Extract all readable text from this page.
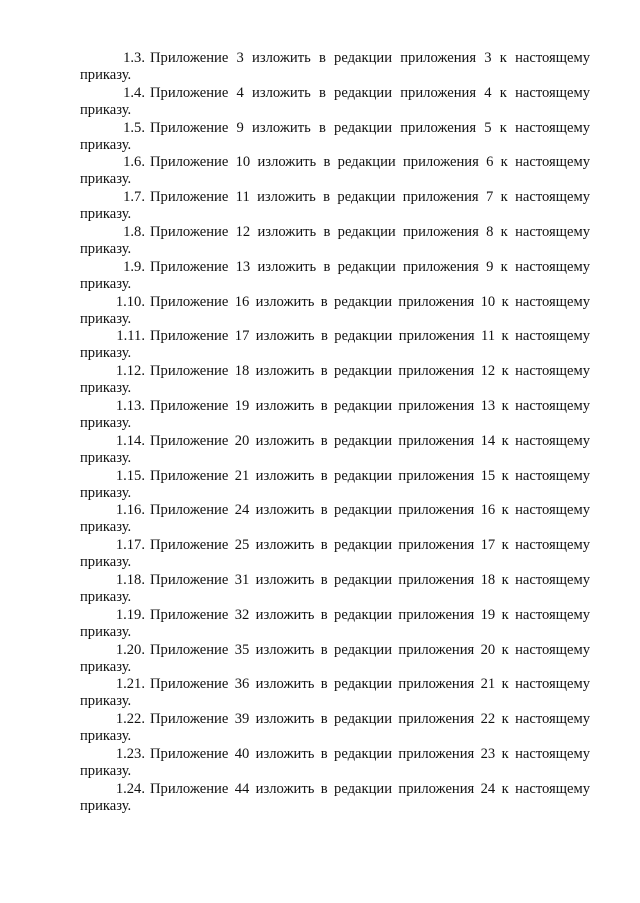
1.3. Приложение 3 изложить в редакции приложения 3 к настоящему
приказу.
1.4. Приложение 4 изложить в редакции приложения 4 к настоящему
приказу.
1.5. Приложение 9 изложить в редакции приложения 5 к настоящему
приказу.
1.6. Приложение 10 изложить в редакции приложения 6 к настоящему
приказу.
1.7. Приложение 11 изложить в редакции приложения 7 к настоящему
приказу.
1.8. Приложение 12 изложить в редакции приложения 8 к настоящему
приказу.
1.9. Приложение 13 изложить в редакции приложения 9 к настоящему
приказу.
1.10. Приложение 16 изложить в редакции приложения 10 к настоящему
приказу.
1.11. Приложение 17 изложить в редакции приложения 11 к настоящему
приказу.
1.12. Приложение 18 изложить в редакции приложения 12 к настоящему
приказу.
1.13. Приложение 19 изложить в редакции приложения 13 к настоящему
приказу.
1.14. Приложение 20 изложить в редакции приложения 14 к настоящему
приказу.
1.15. Приложение 21 изложить в редакции приложения 15 к настоящему
приказу.
1.16. Приложение 24 изложить в редакции приложения 16 к настоящему
приказу.
1.17. Приложение 25 изложить в редакции приложения 17 к настоящему
приказу.
1.18. Приложение 31 изложить в редакции приложения 18 к настоящему
приказу.
1.19. Приложение 32 изложить в редакции приложения 19 к настоящему
приказу.
1.20. Приложение 35 изложить в редакции приложения 20 к настоящему
приказу.
1.21. Приложение 36 изложить в редакции приложения 21 к настоящему
приказу.
1.22. Приложение 39 изложить в редакции приложения 22 к настоящему
приказу.
1.23. Приложение 40 изложить в редакции приложения 23 к настоящему
приказу.
1.24. Приложение 44 изложить в редакции приложения 24 к настоящему
приказу.
